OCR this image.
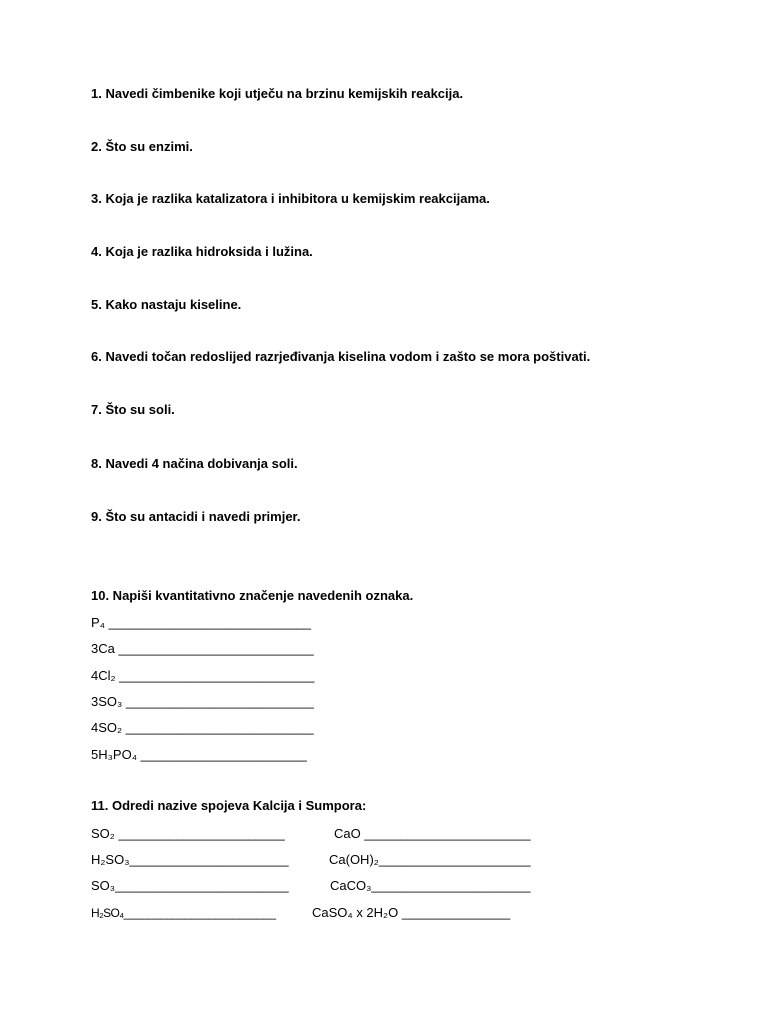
1. Navedi čimbenike koji utječu na brzinu kemijskih reakcija.
2. Što su enzimi.
3. Koja je razlika katalizatora i inhibitora u kemijskim reakcijama.
4. Koja je razlika hidroksida i lužina.
5. Kako nastaju kiseline.
6. Navedi točan redoslijed razrjeđivanja kiselina vodom i zašto se mora poštivati.
7. Što su soli.
8. Navedi 4 načina dobivanja soli.
9. Što su antacidi i navedi primjer.
10. Napiši kvantitativno značenje navedenih oznaka.
P₄ ____________________________
3Ca ___________________________
4Cl₂ ___________________________
3SO₃ __________________________
4SO₂ __________________________
5H₃PO₄ _______________________
11. Odredi nazive spojeva Kalcija i Sumpora:
SO₂ _______________________
H₂SO₃______________________
SO₃________________________
H₂SO₄_________________________
CaO _______________________
Ca(OH)₂_____________________
CaCO₃______________________
CaSO₄ x 2H₂O _______________
